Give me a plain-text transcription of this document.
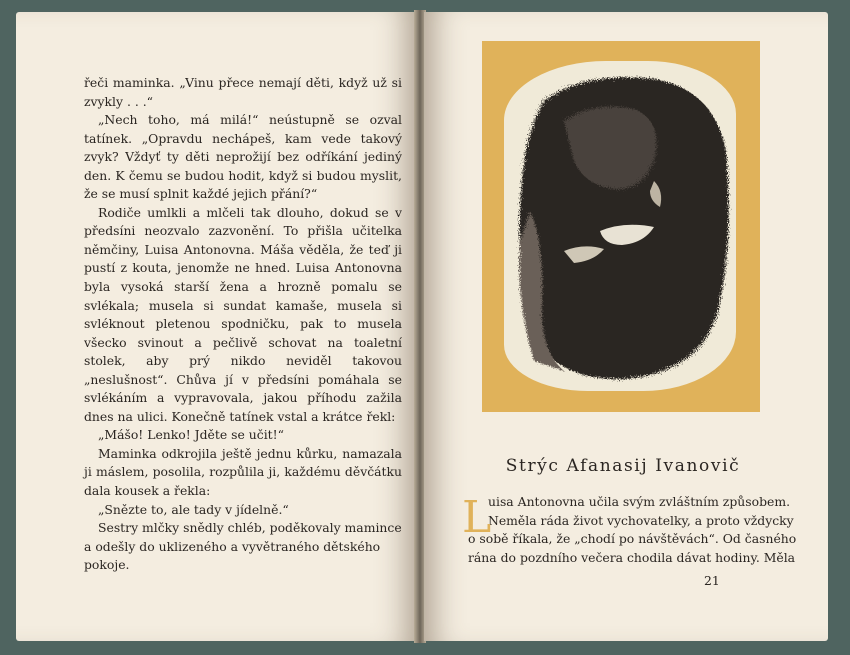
řeči maminka. „Vinu přece nemají děti, když už si zvykly . . .“

„Nech toho, má milá!“ neústupně se ozval tatínek. „Opravdu nechápeš, kam vede takový zvyk? Vždyť ty děti neprožijí bez odříkání jediný den. K čemu se budou hodit, když si budou myslit, že se musí splnit každé jejich přání?“

Rodiče umlkli a mlčeli tak dlouho, dokud se v předsíni neozvalo zazvonění. To přišla učitelka němčiny, Luisa Antonovna. Máša věděla, že teď ji pustí z kouta, jenomže ne hned. Luisa Antonovna byla vysoká starší žena a hrozně pomalu se svlékala; musela si sundat kamaše, musela si svléknout pletenou spodničku, pak to musela všecko svinout a pečlivě schovat na toaletní stolek, aby prý nikdo neviděl takovou „neslušnost“. Chůva jí v předsíni pomáhala se svlékáním a vypravovala, jakou příhodu zažila dnes na ulici. Konečně tatínek vstal a krátce řekl:

„Mášo! Lenko! Jděte se učit!“

Maminka odkrojila ještě jednu kůrku, namazala ji máslem, posolila, rozpůlila ji, každému děvčátku dala kousek a řekla:

„Snězte to, ale tady v jídelně.“

Sestry mlčky snědly chléb, poděkovaly mamince a odešly do uklizeného a vyvětraného dětského pokoje.

Strýc Afanasij Ivanovič
L
uisa Antonovna učila svým zvláštním způsobem.
Neměla ráda život vychovatelky, a proto vždycky
o sobě říkala, že „chodí po návštěvách“. Od časného
rána do pozdního večera chodila dávat hodiny. Měla
21
